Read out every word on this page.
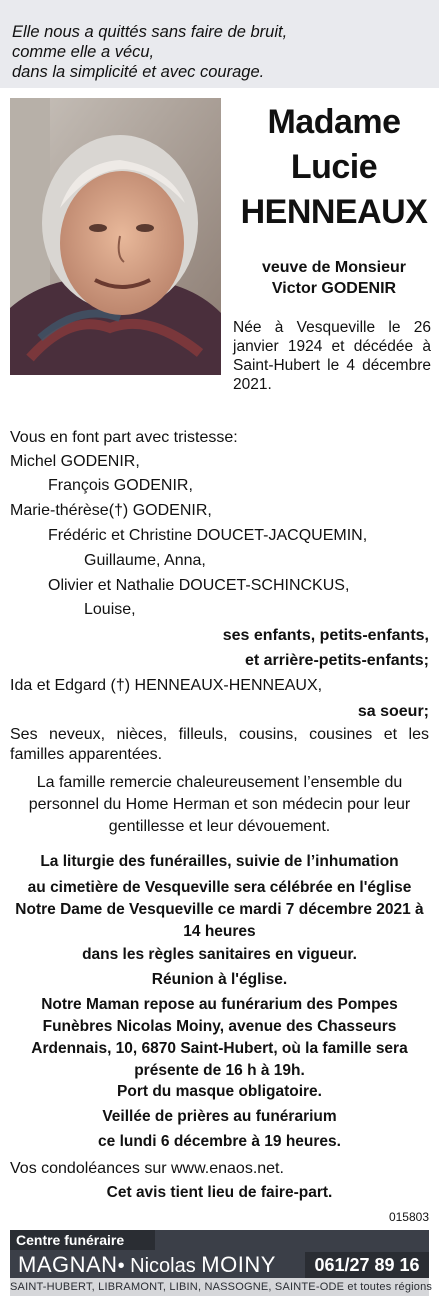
Elle nous a quittés sans faire de bruit,
comme elle a vécu,
dans la simplicité et avec courage.
Madame
Lucie
HENNEAUX
veuve de Monsieur
Victor GODENIR
Née à Vesqueville le 26 janvier 1924 et décédée à Saint-Hubert le 4 décembre 2021.
Vous en font part avec tristesse:
Michel GODENIR,
François GODENIR,
Marie-thérèse(†) GODENIR,
Frédéric et Christine DOUCET-JACQUEMIN,
Guillaume, Anna,
Olivier et Nathalie DOUCET-SCHINCKUS,
Louise,
ses enfants, petits-enfants,
et arrière-petits-enfants;
Ida et Edgard (†) HENNEAUX-HENNEAUX,
sa soeur;
Ses neveux, nièces, filleuls, cousins, cousines et les familles apparentées.
La famille remercie chaleureusement l’ensemble du personnel du Home Herman et son médecin pour leur gentillesse et leur dévouement.
La liturgie des funérailles, suivie de l’inhumation
au cimetière de Vesqueville sera célébrée en l'église Notre Dame de Vesqueville ce mardi 7 décembre 2021 à 14 heures
dans les règles sanitaires en vigueur.
Réunion à l'église.
Notre Maman repose au funérarium des Pompes Funèbres Nicolas Moiny, avenue des Chasseurs Ardennais, 10, 6870 Saint-Hubert, où la famille sera présente de 16 h à 19h.
Port du masque obligatoire.
Veillée de prières au funérarium
ce lundi 6 décembre à 19 heures.
Vos condoléances sur www.enaos.net.
Cet avis tient lieu de faire-part.
015803
Centre funéraire
MAGNAN• Nicolas MOINY	061/27 89 16
SAINT-HUBERT, LIBRAMONT, LIBIN, NASSOGNE, SAINTE-ODE et toutes régions
